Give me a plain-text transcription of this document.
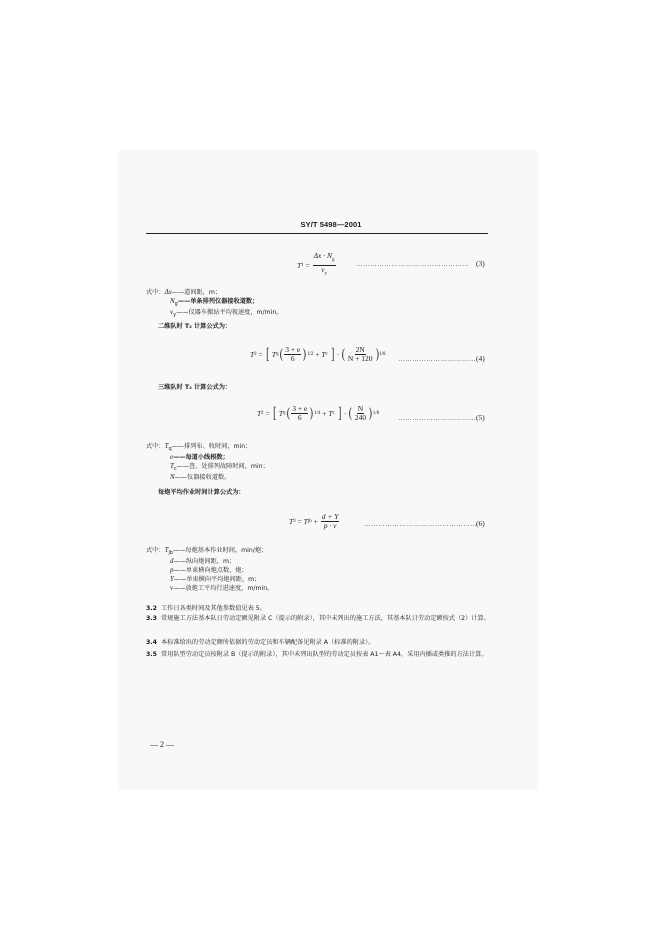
SY/T 5498—2001
T $1 = \frac{\Delta x \cdot N_g}{v_y}$	………………………………………… (3)
式中：Δx——道间距，m；
$N_g——$单条排列仪器接收道数；
$v_y——$仪器车搬站平均视速度，m/min。
二维队时 T₂ 计算公式为：
T 2 = [
T q ( $\frac{3 + e}{6}$ ) 1/2 + T c
] · ( $\frac{2N}{N + 120}$ ) 1/8
…………………………… (4)
三维队时 T₂ 计算公式为：
T 2 = [
T q ( $\frac{3 + e}{6}$ ) 1/4 + T c
] · ( $\frac{N}{240}$ ) 1/8
…………………………… (5)
式中：$T_q——$排列布、收时间，min；
e——每道小线根数；
$T_c——$查、处排列故障时间，min；
N——仪器接收道数。
每炮平均作业时间计算公式为：
T 3 = T jb + $\frac{d + Y}{p \cdot v}$	…………………………………………
(6)
式中：$T_{jb}——$每炮基本作业时间，min/炮；
d——纵向炮间距，m；
p——单束横向炮点数，炮；
Y——单束横向平均炮间距，m；
v——放炮工平均行进速度，m/min。
3.2 工作日各类时间及其他参数值见表 5。
3.3 常规施工方法基本队日劳动定额见附录 C（提示的附录），其中未列出的施工方法，其基本队日劳动定额按式（2）计算。
3.4 本标准给出的劳动定额所依据的劳动定员和车辆配备见附录 A（标准的附录）。
3.5 常用队型劳动定员按附录 B（提示的附录），其中未列出队型的劳动定员按表 A1～表 A4，采用内插或类推的方法计算。
— 2 —
